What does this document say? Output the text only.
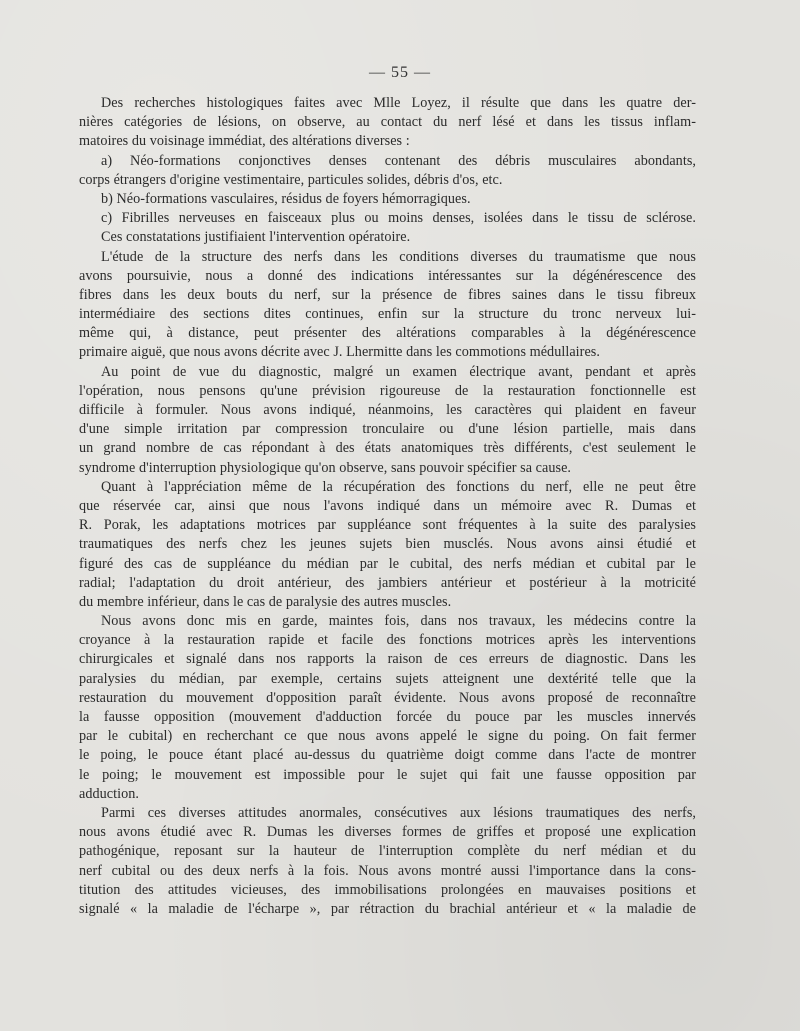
— 55 —
Des recherches histologiques faites avec Mlle Loyez, il résulte que dans les quatre der-
nières catégories de lésions, on observe, au contact du nerf lésé et dans les tissus inflam-
matoires du voisinage immédiat, des altérations diverses :
a) Néo-formations conjonctives denses contenant des débris musculaires abondants,
corps étrangers d'origine vestimentaire, particules solides, débris d'os, etc.
b) Néo-formations vasculaires, résidus de foyers hémorragiques.
c) Fibrilles nerveuses en faisceaux plus ou moins denses, isolées dans le tissu de sclérose.
Ces constatations justifiaient l'intervention opératoire.
L'étude de la structure des nerfs dans les conditions diverses du traumatisme que nous
avons poursuivie, nous a donné des indications intéressantes sur la dégénérescence des
fibres dans les deux bouts du nerf, sur la présence de fibres saines dans le tissu fibreux
intermédiaire des sections dites continues, enfin sur la structure du tronc nerveux lui-
même qui, à distance, peut présenter des altérations comparables à la dégénérescence
primaire aiguë, que nous avons décrite avec J. Lhermitte dans les commotions médullaires.
Au point de vue du diagnostic, malgré un examen électrique avant, pendant et après
l'opération, nous pensons qu'une prévision rigoureuse de la restauration fonctionnelle est
difficile à formuler. Nous avons indiqué, néanmoins, les caractères qui plaident en faveur
d'une simple irritation par compression tronculaire ou d'une lésion partielle, mais dans
un grand nombre de cas répondant à des états anatomiques très différents, c'est seulement le
syndrome d'interruption physiologique qu'on observe, sans pouvoir spécifier sa cause.
Quant à l'appréciation même de la récupération des fonctions du nerf, elle ne peut être
que réservée car, ainsi que nous l'avons indiqué dans un mémoire avec R. Dumas et
R. Porak, les adaptations motrices par suppléance sont fréquentes à la suite des paralysies
traumatiques des nerfs chez les jeunes sujets bien musclés. Nous avons ainsi étudié et
figuré des cas de suppléance du médian par le cubital, des nerfs médian et cubital par le
radial; l'adaptation du droit antérieur, des jambiers antérieur et postérieur à la motricité
du membre inférieur, dans le cas de paralysie des autres muscles.
Nous avons donc mis en garde, maintes fois, dans nos travaux, les médecins contre la
croyance à la restauration rapide et facile des fonctions motrices après les interventions
chirurgicales et signalé dans nos rapports la raison de ces erreurs de diagnostic. Dans les
paralysies du médian, par exemple, certains sujets atteignent une dextérité telle que la
restauration du mouvement d'opposition paraît évidente. Nous avons proposé de reconnaître
la fausse opposition (mouvement d'adduction forcée du pouce par les muscles innervés
par le cubital) en recherchant ce que nous avons appelé le signe du poing. On fait fermer
le poing, le pouce étant placé au-dessus du quatrième doigt comme dans l'acte de montrer
le poing; le mouvement est impossible pour le sujet qui fait une fausse opposition par
adduction.
Parmi ces diverses attitudes anormales, consécutives aux lésions traumatiques des nerfs,
nous avons étudié avec R. Dumas les diverses formes de griffes et proposé une explication
pathogénique, reposant sur la hauteur de l'interruption complète du nerf médian et du
nerf cubital ou des deux nerfs à la fois. Nous avons montré aussi l'importance dans la cons-
titution des attitudes vicieuses, des immobilisations prolongées en mauvaises positions et
signalé « la maladie de l'écharpe », par rétraction du brachial antérieur et « la maladie de
